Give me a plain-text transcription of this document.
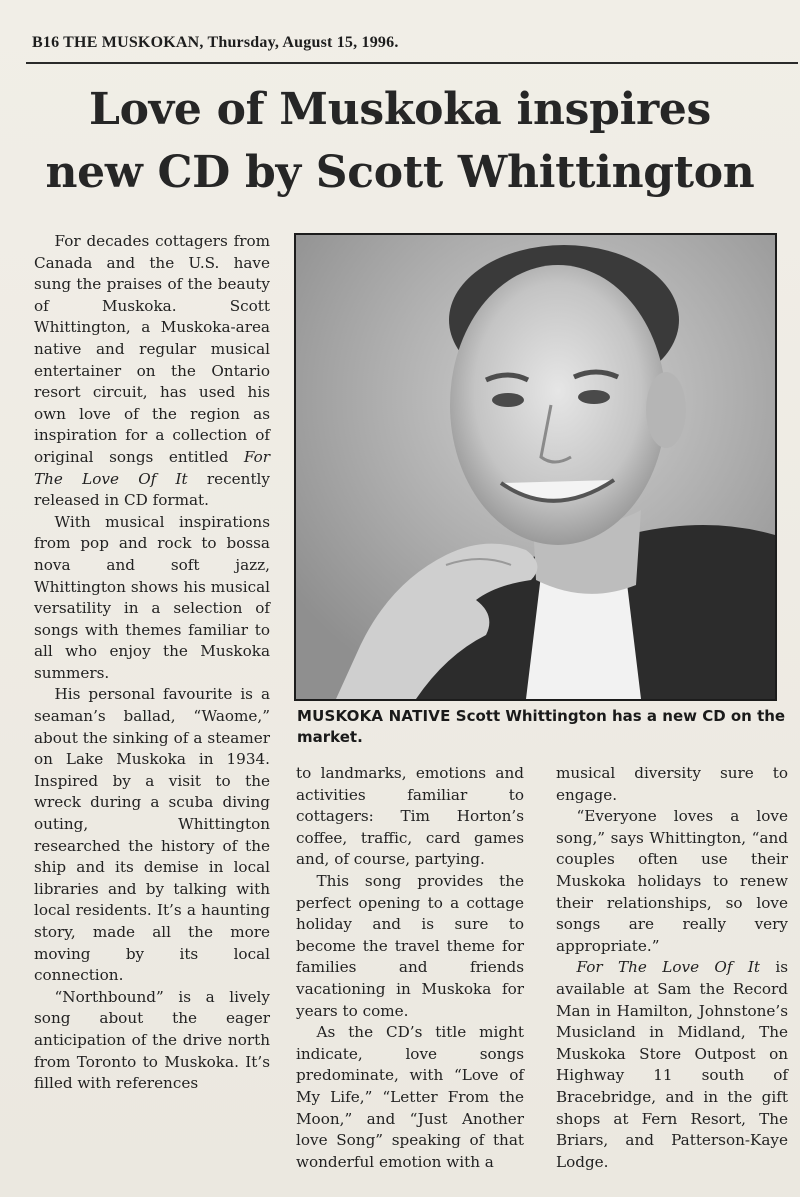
B16 THE MUSKOKAN, Thursday, August 15, 1996.
Love of Muskoka inspires
new CD by Scott Whittington

For decades cottagers from Canada and the U.S. have sung the praises of the beauty of Muskoka. Scott Whittington, a Muskoka-area native and regular musical entertainer on the Ontario resort circuit, has used his own love of the region as inspiration for a collection of original songs entitled For The Love Of It recently released in CD format.

With musical inspirations from pop and rock to bossa nova and soft jazz, Whittington shows his musical versatility in a selection of songs with themes familiar to all who enjoy the Muskoka summers.

His personal favourite is a seaman’s ballad, “Waome,” about the sinking of a steamer on Lake Muskoka in 1934. Inspired by a visit to the wreck during a scuba diving outing, Whittington researched the history of the ship and its demise in local libraries and by talking with local residents. It’s a haunting story, made all the more moving by its local connection.

“Northbound” is a lively song about the eager anticipation of the drive north from Toronto to Muskoka. It’s filled with references

MUSKOKA NATIVE Scott Whittington has a new CD on the market.

to landmarks, emotions and activities familiar to cottagers: Tim Horton’s coffee, traffic, card games and, of course, partying.

This song provides the perfect opening to a cottage holiday and is sure to become the travel theme for families and friends vacationing in Muskoka for years to come.

As the CD’s title might indicate, love songs predominate, with “Love of My Life,” “Letter From the Moon,” and “Just Another love Song” speaking of that wonderful emotion with a

musical diversity sure to engage.

“Everyone loves a love song,” says Whittington, “and couples often use their Muskoka holidays to renew their relationships, so love songs are really very appropriate.”

For The Love Of It is available at Sam the Record Man in Hamilton, Johnstone’s Musicland in Midland, The Muskoka Store Outpost on Highway 11 south of Bracebridge, and in the gift shops at Fern Resort, The Briars, and Patterson-Kaye Lodge.
